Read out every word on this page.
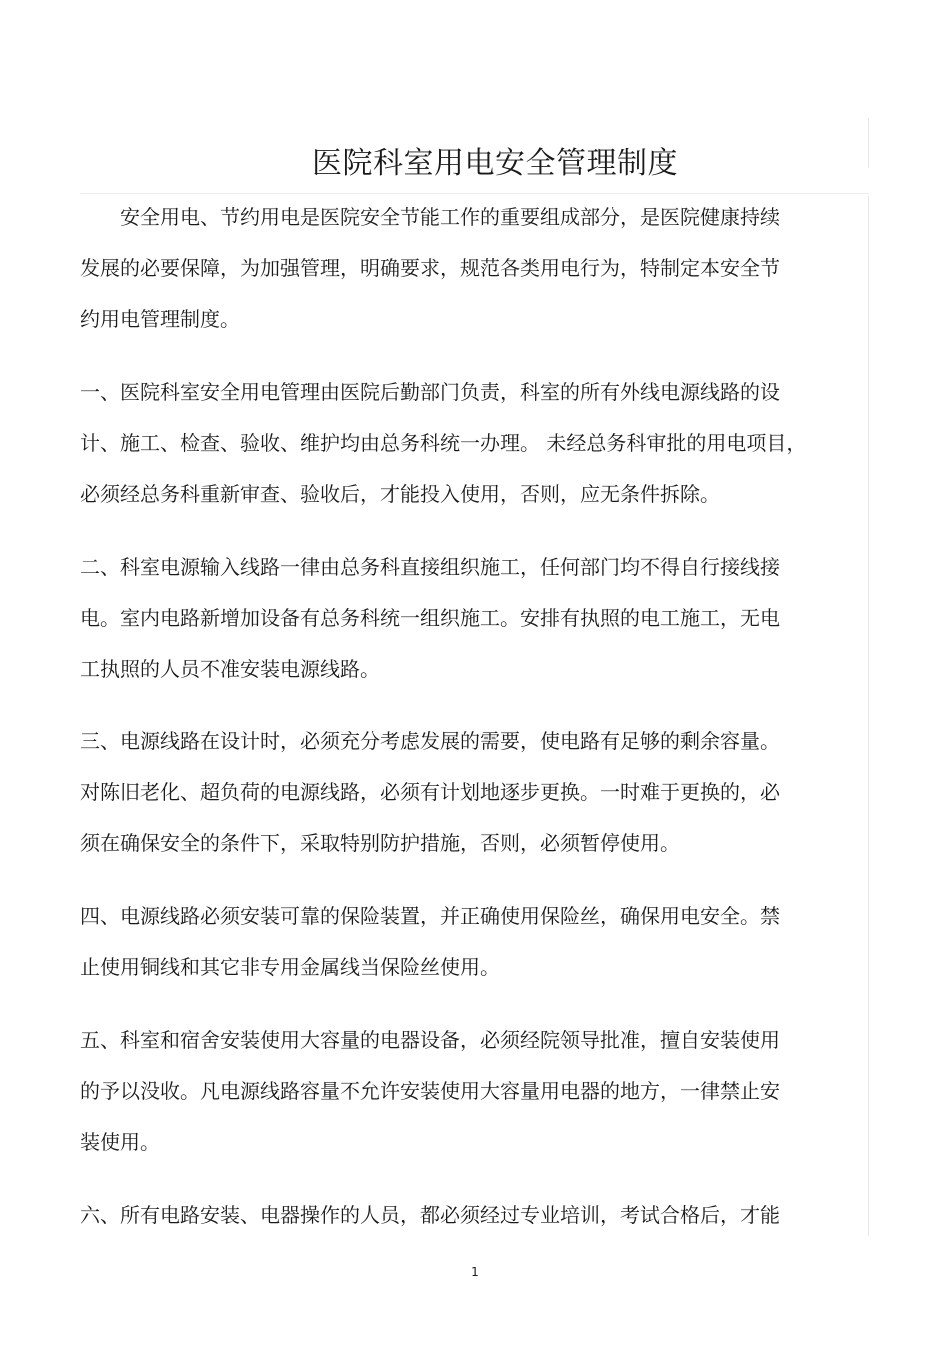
医院科室用电安全管理制度
安全用电、节约用电是医院安全节能工作的重要组成部分，是医院健康持续
发展的必要保障，为加强管理，明确要求，规范各类用电行为，特制定本安全节
约用电管理制度。
一、医院科室安全用电管理由医院后勤部门负责，科室的所有外线电源线路的设
计、施工、检查、验收、维护均由总务科统一办理。 未经总务科审批的用电项目，
必须经总务科重新审查、验收后，才能投入使用，否则，应无条件拆除。
二、科室电源输入线路一律由总务科直接组织施工，任何部门均不得自行接线接
电。室内电路新增加设备有总务科统一组织施工。安排有执照的电工施工，无电
工执照的人员不准安装电源线路。
三、电源线路在设计时，必须充分考虑发展的需要，使电路有足够的剩余容量。
对陈旧老化、超负荷的电源线路，必须有计划地逐步更换。一时难于更换的，必
须在确保安全的条件下，采取特别防护措施，否则，必须暂停使用。
四、电源线路必须安装可靠的保险装置，并正确使用保险丝，确保用电安全。禁
止使用铜线和其它非专用金属线当保险丝使用。
五、科室和宿舍安装使用大容量的电器设备，必须经院领导批准，擅自安装使用
的予以没收。凡电源线路容量不允许安装使用大容量用电器的地方，一律禁止安
装使用。
六、所有电路安装、电器操作的人员，都必须经过专业培训，考试合格后，才能
1
